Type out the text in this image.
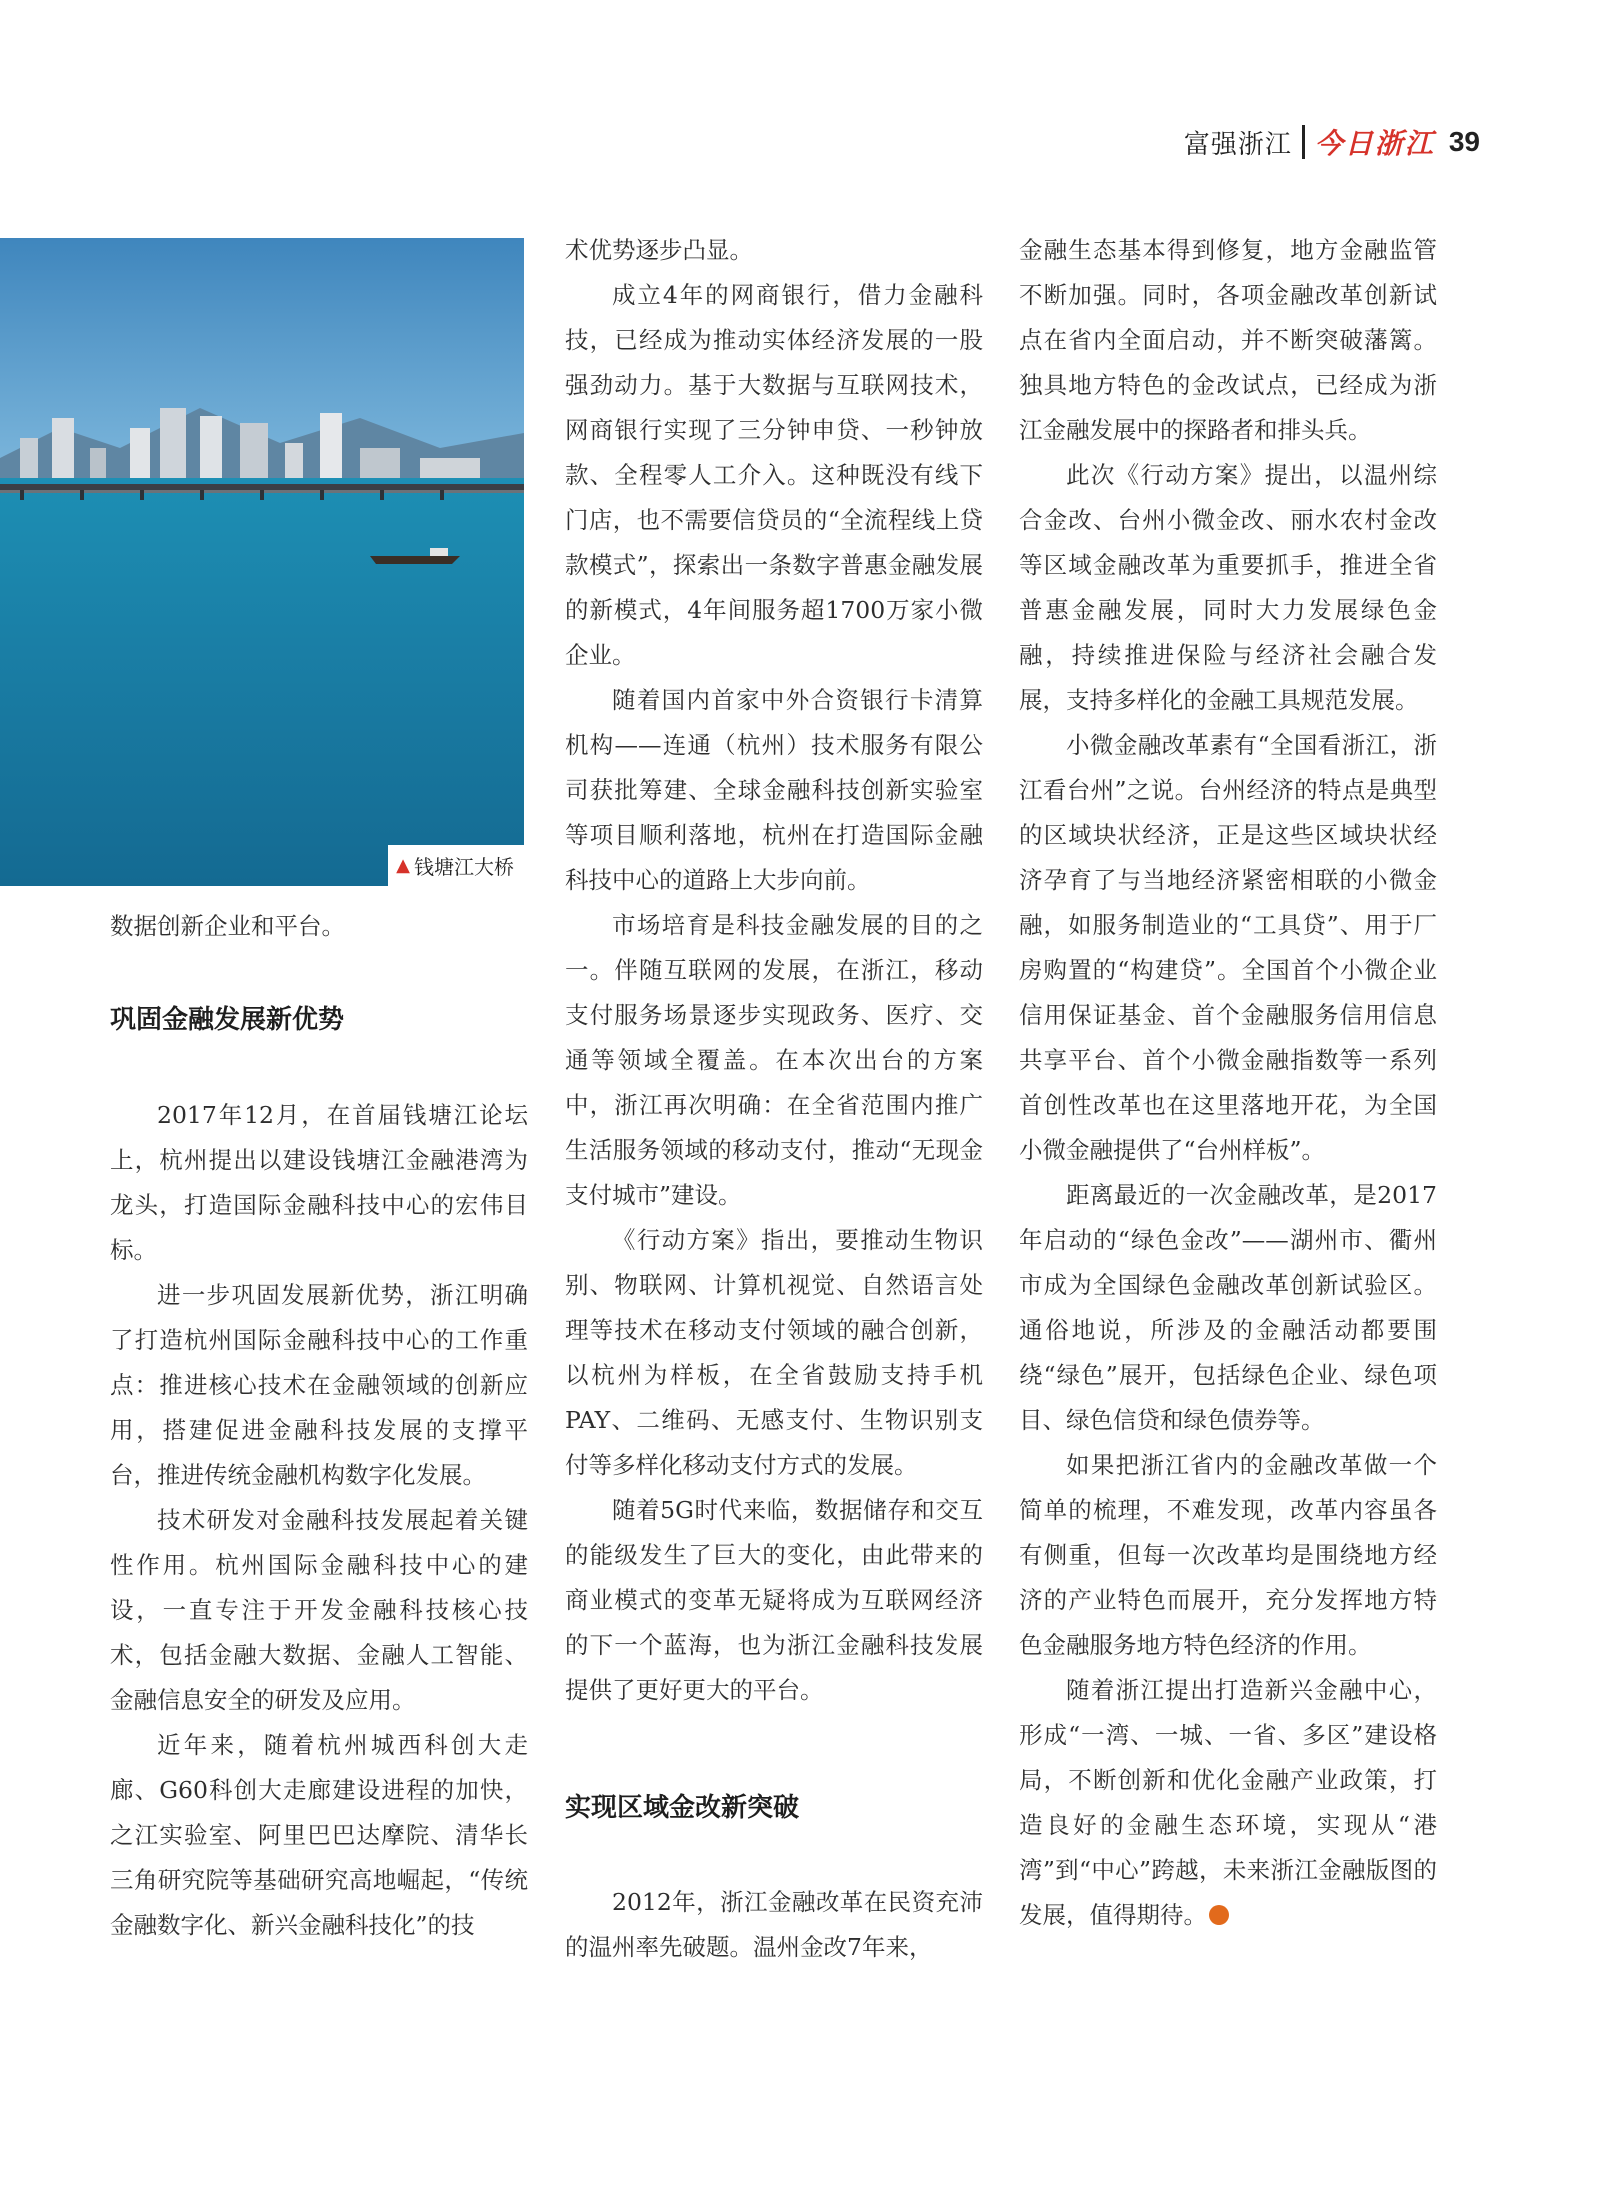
富强浙江 今日浙江 39
▲ 钱塘江大桥

数据创新企业和平台。

巩固金融发展新优势

2017年12月，在首届钱塘江论坛上，杭州提出以建设钱塘江金融港湾为龙头，打造国际金融科技中心的宏伟目标。

进一步巩固发展新优势，浙江明确了打造杭州国际金融科技中心的工作重点：推进核心技术在金融领域的创新应用，搭建促进金融科技发展的支撑平台，推进传统金融机构数字化发展。

技术研发对金融科技发展起着关键性作用。杭州国际金融科技中心的建设，一直专注于开发金融科技核心技术，包括金融大数据、金融人工智能、金融信息安全的研发及应用。

近年来，随着杭州城西科创大走廊、G60科创大走廊建设进程的加快，之江实验室、阿里巴巴达摩院、清华长三角研究院等基础研究高地崛起，“传统金融数字化、新兴金融科技化”的技

术优势逐步凸显。

成立4年的网商银行，借力金融科技，已经成为推动实体经济发展的一股强劲动力。基于大数据与互联网技术，网商银行实现了三分钟申贷、一秒钟放款、全程零人工介入。这种既没有线下门店，也不需要信贷员的“全流程线上贷款模式”，探索出一条数字普惠金融发展的新模式，4年间服务超1700万家小微企业。

随着国内首家中外合资银行卡清算机构——连通（杭州）技术服务有限公司获批筹建、全球金融科技创新实验室等项目顺利落地，杭州在打造国际金融科技中心的道路上大步向前。

市场培育是科技金融发展的目的之一。伴随互联网的发展，在浙江，移动支付服务场景逐步实现政务、医疗、交通等领域全覆盖。在本次出台的方案中，浙江再次明确：在全省范围内推广生活服务领域的移动支付，推动“无现金支付城市”建设。

《行动方案》指出，要推动生物识别、物联网、计算机视觉、自然语言处理等技术在移动支付领域的融合创新，以杭州为样板，在全省鼓励支持手机PAY、二维码、无感支付、生物识别支付等多样化移动支付方式的发展。

随着5G时代来临，数据储存和交互的能级发生了巨大的变化，由此带来的商业模式的变革无疑将成为互联网经济的下一个蓝海，也为浙江金融科技发展提供了更好更大的平台。

实现区域金改新突破

2012年，浙江金融改革在民资充沛的温州率先破题。温州金改7年来，

金融生态基本得到修复，地方金融监管不断加强。同时，各项金融改革创新试点在省内全面启动，并不断突破藩篱。独具地方特色的金改试点，已经成为浙江金融发展中的探路者和排头兵。

此次《行动方案》提出，以温州综合金改、台州小微金改、丽水农村金改等区域金融改革为重要抓手，推进全省普惠金融发展，同时大力发展绿色金融，持续推进保险与经济社会融合发展，支持多样化的金融工具规范发展。

小微金融改革素有“全国看浙江，浙江看台州”之说。台州经济的特点是典型的区域块状经济，正是这些区域块状经济孕育了与当地经济紧密相联的小微金融，如服务制造业的“工具贷”、用于厂房购置的“构建贷”。全国首个小微企业信用保证基金、首个金融服务信用信息共享平台、首个小微金融指数等一系列首创性改革也在这里落地开花，为全国小微金融提供了“台州样板”。

距离最近的一次金融改革，是2017年启动的“绿色金改”——湖州市、衢州市成为全国绿色金融改革创新试验区。通俗地说，所涉及的金融活动都要围绕“绿色”展开，包括绿色企业、绿色项目、绿色信贷和绿色债券等。

如果把浙江省内的金融改革做一个简单的梳理，不难发现，改革内容虽各有侧重，但每一次改革均是围绕地方经济的产业特色而展开，充分发挥地方特色金融服务地方特色经济的作用。

随着浙江提出打造新兴金融中心，形成“一湾、一城、一省、多区”建设格局，不断创新和优化金融产业政策，打造良好的金融生态环境，实现从“港湾”到“中心”跨越，未来浙江金融版图的发展，值得期待。
